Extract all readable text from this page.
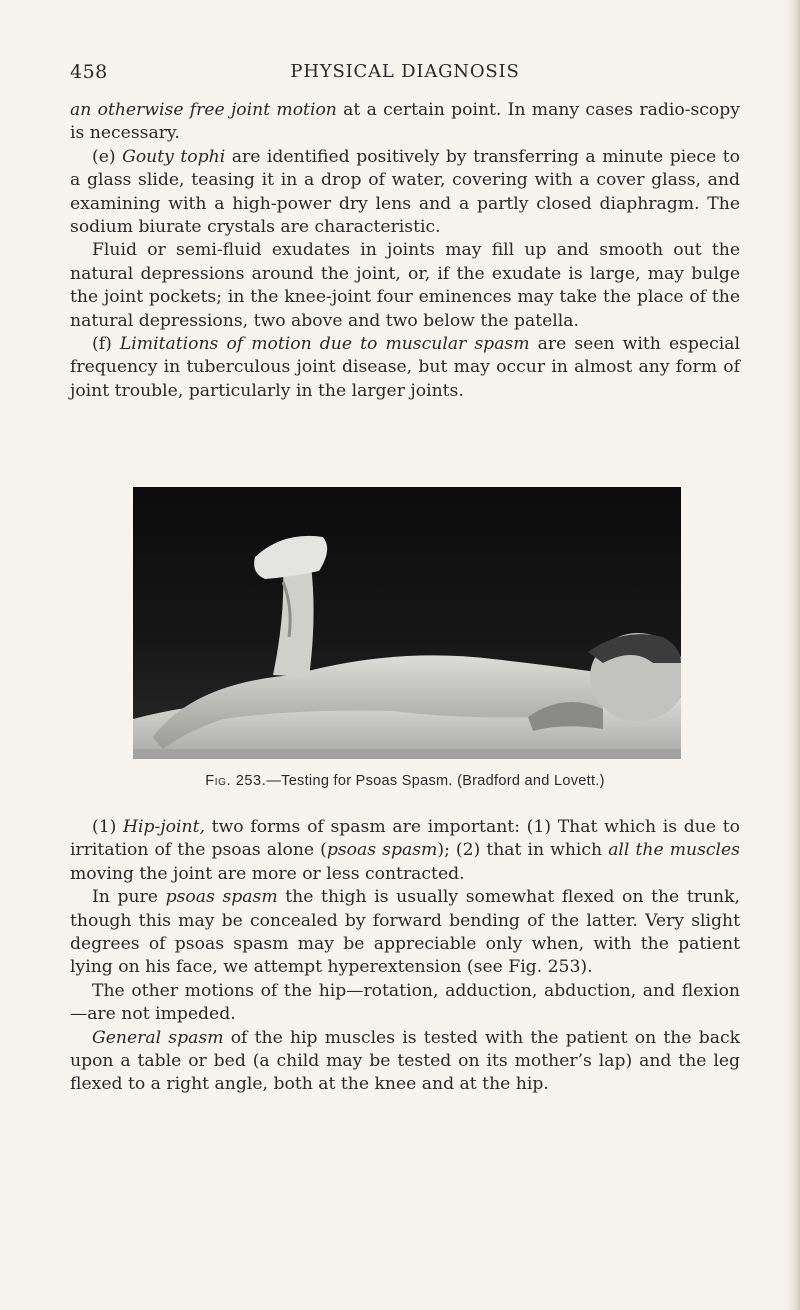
458	PHYSICAL DIAGNOSIS

an otherwise free joint motion at a certain point. In many cases radio-scopy is necessary.

(e) Gouty tophi are identified positively by transferring a minute piece to a glass slide, teasing it in a drop of water, covering with a cover glass, and examining with a high-power dry lens and a partly closed diaphragm. The sodium biurate crystals are characteristic.

Fluid or semi-fluid exudates in joints may fill up and smooth out the natural depressions around the joint, or, if the exudate is large, may bulge the joint pockets; in the knee-joint four eminences may take the place of the natural depressions, two above and two below the patella.

(f) Limitations of motion due to muscular spasm are seen with especial frequency in tuberculous joint disease, but may occur in almost any form of joint trouble, particularly in the larger joints.

Fig. 253.—Testing for Psoas Spasm. (Bradford and Lovett.)

(1) Hip-joint, two forms of spasm are important: (1) That which is due to irritation of the psoas alone (psoas spasm); (2) that in which all the muscles moving the joint are more or less contracted.

In pure psoas spasm the thigh is usually somewhat flexed on the trunk, though this may be concealed by forward bending of the latter. Very slight degrees of psoas spasm may be appreciable only when, with the patient lying on his face, we attempt hyperextension (see Fig. 253).

The other motions of the hip—rotation, adduction, abduction, and flexion—are not impeded.

General spasm of the hip muscles is tested with the patient on the back upon a table or bed (a child may be tested on its mother’s lap) and the leg flexed to a right angle, both at the knee and at the hip.
